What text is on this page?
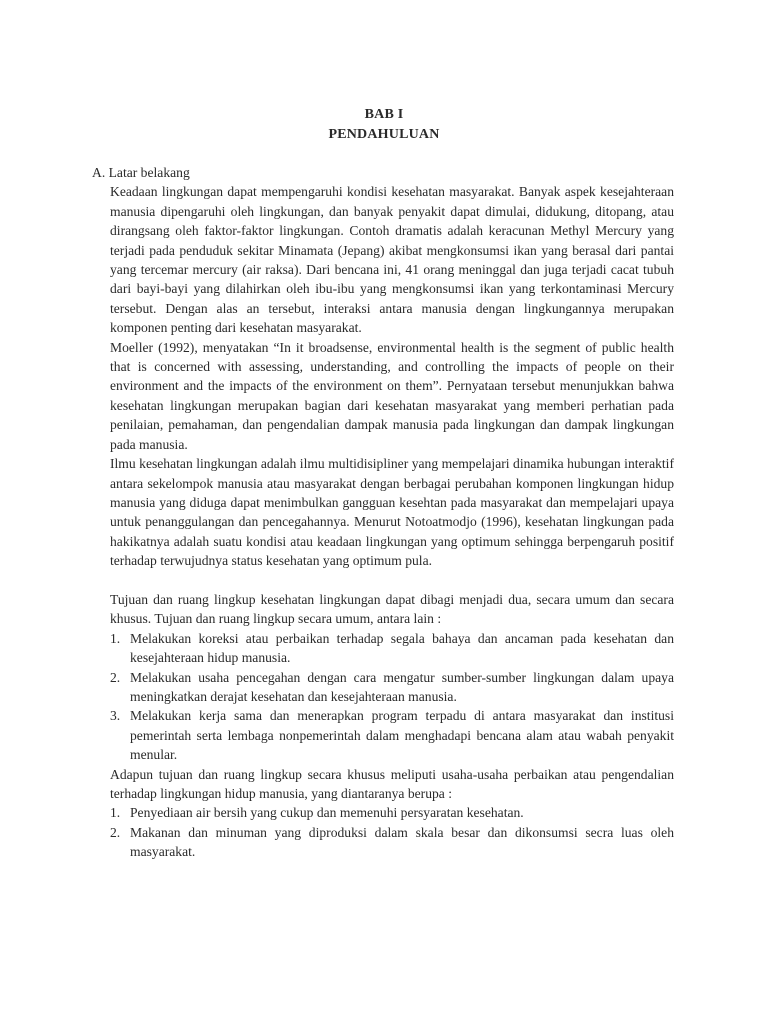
BAB I
PENDAHULUAN

A. Latar belakang

Keadaan lingkungan dapat mempengaruhi kondisi kesehatan masyarakat. Banyak aspek kesejahteraan manusia dipengaruhi oleh lingkungan, dan banyak penyakit dapat dimulai, didukung, ditopang, atau dirangsang oleh faktor-faktor lingkungan. Contoh dramatis adalah keracunan Methyl Mercury yang terjadi pada penduduk sekitar Minamata (Jepang) akibat mengkonsumsi ikan yang berasal dari pantai yang tercemar mercury (air raksa). Dari bencana ini, 41 orang meninggal dan juga terjadi cacat tubuh dari bayi-bayi yang dilahirkan oleh ibu-ibu yang mengkonsumsi ikan yang terkontaminasi Mercury tersebut. Dengan alas an tersebut, interaksi antara manusia dengan lingkungannya merupakan komponen penting dari kesehatan masyarakat.

Moeller (1992), menyatakan “In it broadsense, environmental health is the segment of public health that is concerned with assessing, understanding, and controlling the impacts of people on their environment and the impacts of the environment on them”. Pernyataan tersebut menunjukkan bahwa kesehatan lingkungan merupakan bagian dari kesehatan masyarakat yang memberi perhatian pada penilaian, pemahaman, dan pengendalian dampak manusia pada lingkungan dan dampak lingkungan pada manusia.

Ilmu kesehatan lingkungan adalah ilmu multidisipliner yang mempelajari dinamika hubungan interaktif antara sekelompok manusia atau masyarakat dengan berbagai perubahan komponen lingkungan hidup manusia yang diduga dapat menimbulkan gangguan kesehtan pada masyarakat dan mempelajari upaya untuk penanggulangan dan pencegahannya. Menurut Notoatmodjo (1996), kesehatan lingkungan pada hakikatnya adalah suatu kondisi atau keadaan lingkungan yang optimum sehingga berpengaruh positif terhadap terwujudnya status kesehatan yang optimum pula.

Tujuan dan ruang lingkup kesehatan lingkungan dapat dibagi menjadi dua, secara umum dan secara khusus. Tujuan dan ruang lingkup secara umum, antara lain :

1. Melakukan koreksi atau perbaikan terhadap segala bahaya dan ancaman pada kesehatan dan kesejahteraan hidup manusia.
2. Melakukan usaha pencegahan dengan cara mengatur sumber-sumber lingkungan dalam upaya meningkatkan derajat kesehatan dan kesejahteraan manusia.
3. Melakukan kerja sama dan menerapkan program terpadu di antara masyarakat dan institusi pemerintah serta lembaga nonpemerintah dalam menghadapi bencana alam atau wabah penyakit menular.

Adapun tujuan dan ruang lingkup secara khusus meliputi usaha-usaha perbaikan atau pengendalian terhadap lingkungan hidup manusia, yang diantaranya berupa :

1. Penyediaan air bersih yang cukup dan memenuhi persyaratan kesehatan.
2. Makanan dan minuman yang diproduksi dalam skala besar dan dikonsumsi secra luas oleh masyarakat.
